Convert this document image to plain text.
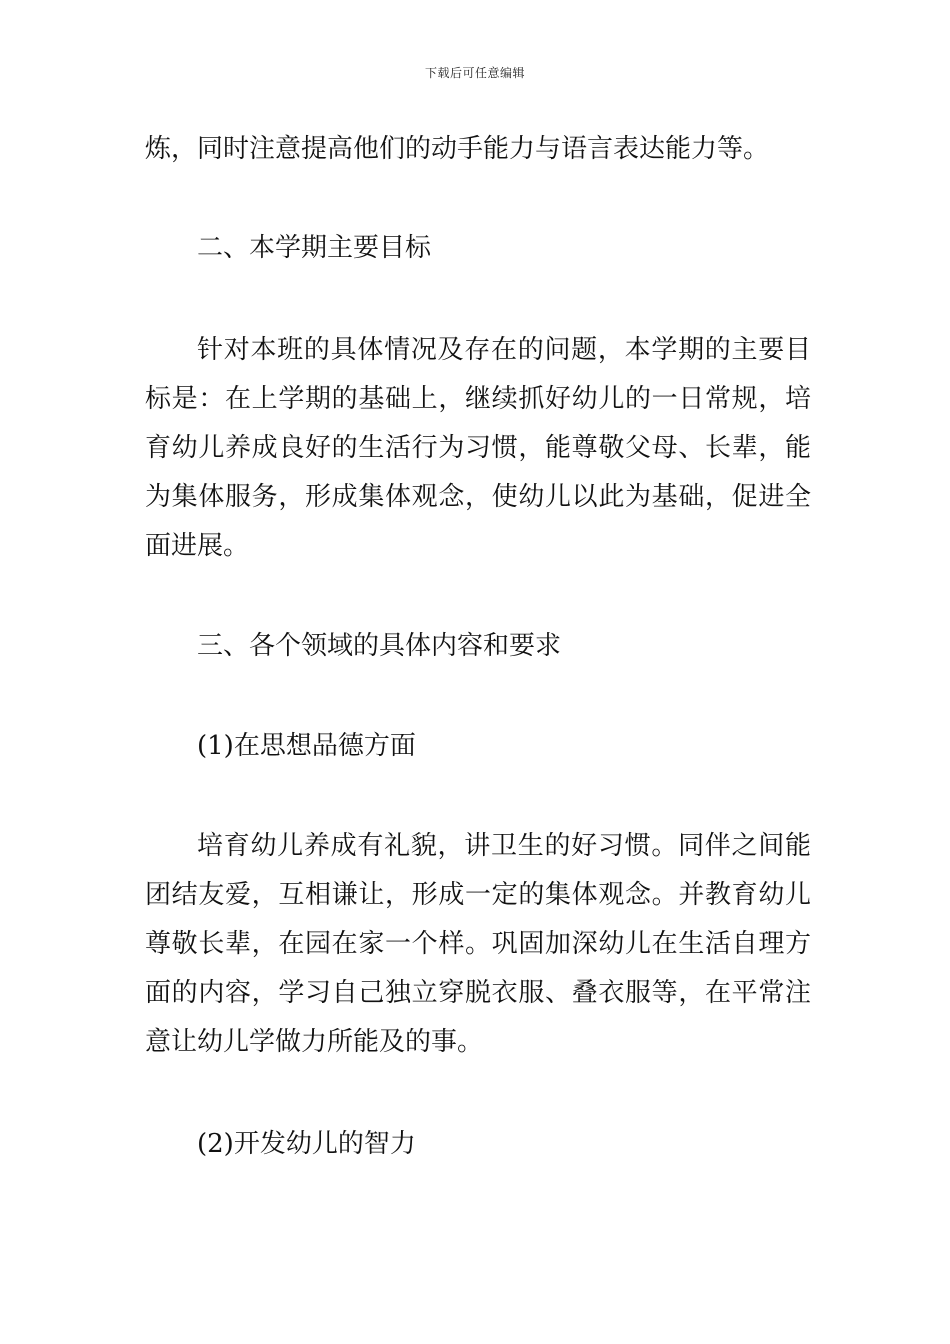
下载后可任意编辑

炼，同时注意提高他们的动手能力与语言表达能力等。

二、本学期主要目标

针对本班的具体情况及存在的问题，本学期的主要目标是：在上学期的基础上，继续抓好幼儿的一日常规，培育幼儿养成良好的生活行为习惯，能尊敬父母、长辈，能为集体服务，形成集体观念，使幼儿以此为基础，促进全面进展。

三、各个领域的具体内容和要求

(1)在思想品德方面

培育幼儿养成有礼貌，讲卫生的好习惯。同伴之间能团结友爱，互相谦让，形成一定的集体观念。并教育幼儿尊敬长辈，在园在家一个样。巩固加深幼儿在生活自理方面的内容，学习自己独立穿脱衣服、叠衣服等，在平常注意让幼儿学做力所能及的事。

(2)开发幼儿的智力
